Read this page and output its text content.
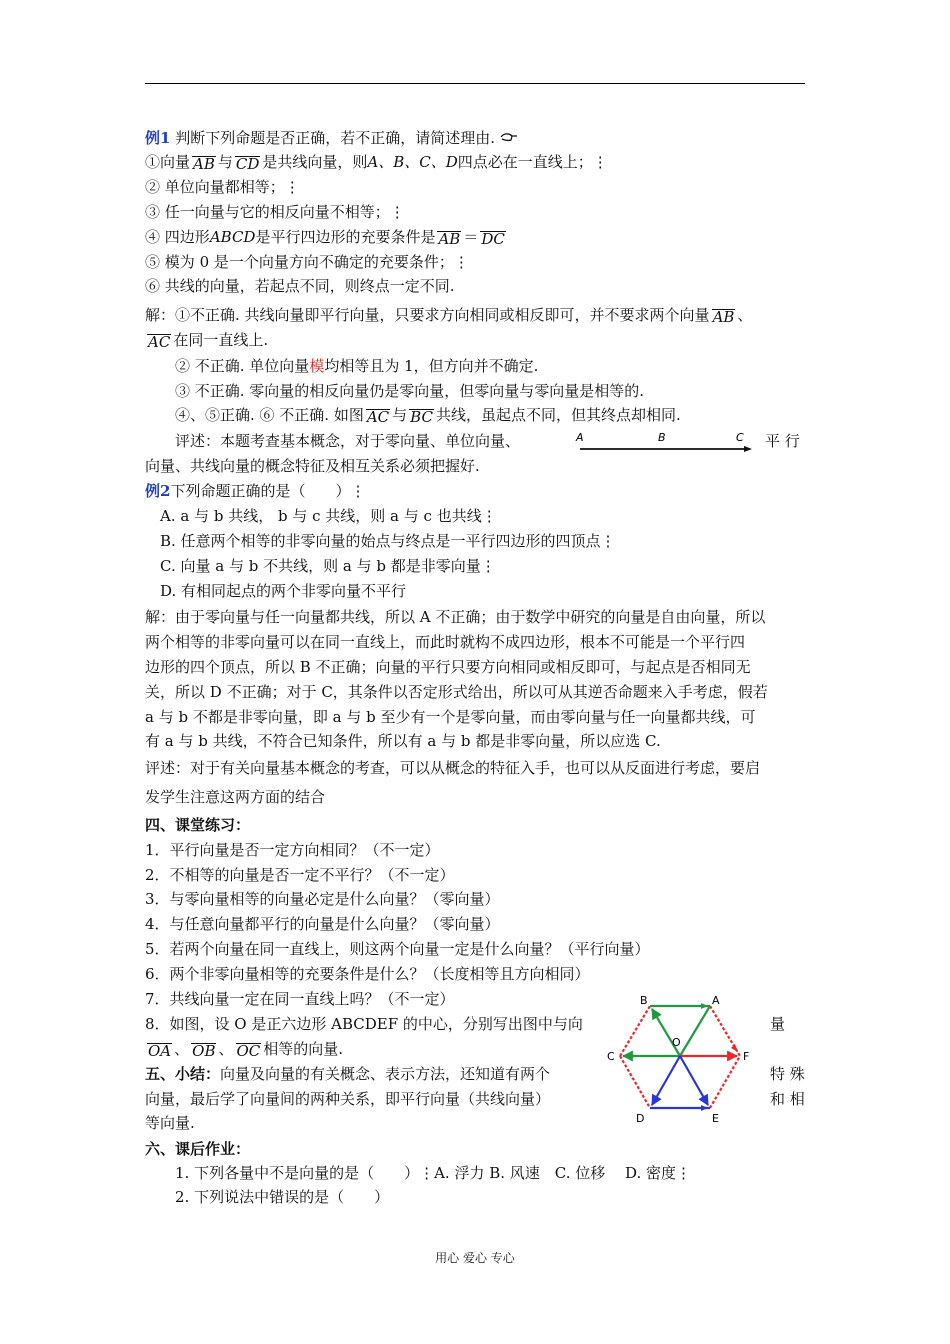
例1 判断下列命题是否正确，若不正确，请简述理由.
①向量 AB 与 CD 是共线向量，则A、B、C、D四点必在一直线上；⋮
② 单位向量都相等；⋮
③ 任一向量与它的相反向量不相等；⋮
④ 四边形ABCD是平行四边形的充要条件是 AB ＝ DC
⑤ 模为 0 是一个向量方向不确定的充要条件；⋮
⑥ 共线的向量，若起点不同，则终点一定不同.
解：①不正确. 共线向量即平行向量，只要求方向相同或相反即可，并不要求两个向量 AB 、
AC 在同一直线上.
② 不正确. 单位向量模均相等且为 1，但方向并不确定.
③ 不正确. 零向量的相反向量仍是零向量，但零向量与零向量是相等的.
④、⑤正确. ⑥ 不正确. 如图 AC 与 BC 共线，虽起点不同，但其终点却相同.
评述：本题考查基本概念，对于零向量、单位向量、	A	B	C 平 行
向量、共线向量的概念特征及相互关系必须把握好.
例2下列命题正确的是（　　）⋮
A. a 与 b 共线， b 与 c 共线，则 a 与 c 也共线⋮
B. 任意两个相等的非零向量的始点与终点是一平行四边形的四顶点⋮
C. 向量 a 与 b 不共线，则 a 与 b 都是非零向量⋮
D. 有相同起点的两个非零向量不平行
解：由于零向量与任一向量都共线，所以 A 不正确；由于数学中研究的向量是自由向量，所以
两个相等的非零向量可以在同一直线上，而此时就构不成四边形，根本不可能是一个平行四
边形的四个顶点，所以 B 不正确；向量的平行只要方向相同或相反即可，与起点是否相同无
关，所以 D 不正确；对于 C，其条件以否定形式给出，所以可从其逆否命题来入手考虑，假若
a 与 b 不都是非零向量，即 a 与 b 至少有一个是零向量，而由零向量与任一向量都共线，可
有 a 与 b 共线，不符合已知条件，所以有 a 与 b 都是非零向量，所以应选 C.
评述：对于有关向量基本概念的考查，可以从概念的特征入手，也可以从反面进行考虑，要启
发学生注意这两方面的结合
四、课堂练习：
1．平行向量是否一定方向相同？（不一定）
2．不相等的向量是否一定不平行？（不一定）
3．与零向量相等的向量必定是什么向量？（零向量）
4．与任意向量都平行的向量是什么向量？（零向量）
5．若两个向量在同一直线上，则这两个向量一定是什么向量？（平行向量）
6．两个非零向量相等的充要条件是什么？（长度相等且方向相同）
7．共线向量一定在同一直线上吗？（不一定）
8．如图，设 O 是正六边形 ABCDEF 的中心，分别写出图中与向	量
OA 、 OB 、 OC 相等的向量.
五、小结：向量及向量的有关概念、表示方法，还知道有两个	特 殊
向量，最后学了向量间的两种关系，即平行向量（共线向量）	和 相
等向量.
六、课后作业：
1. 下列各量中不是向量的是（　　）⋮A. 浮力 B. 风速　C. 位移　 D. 密度⋮
2. 下列说法中错误的是（　　）
A
B
C
D	E
F
O
用心 爱心 专心
